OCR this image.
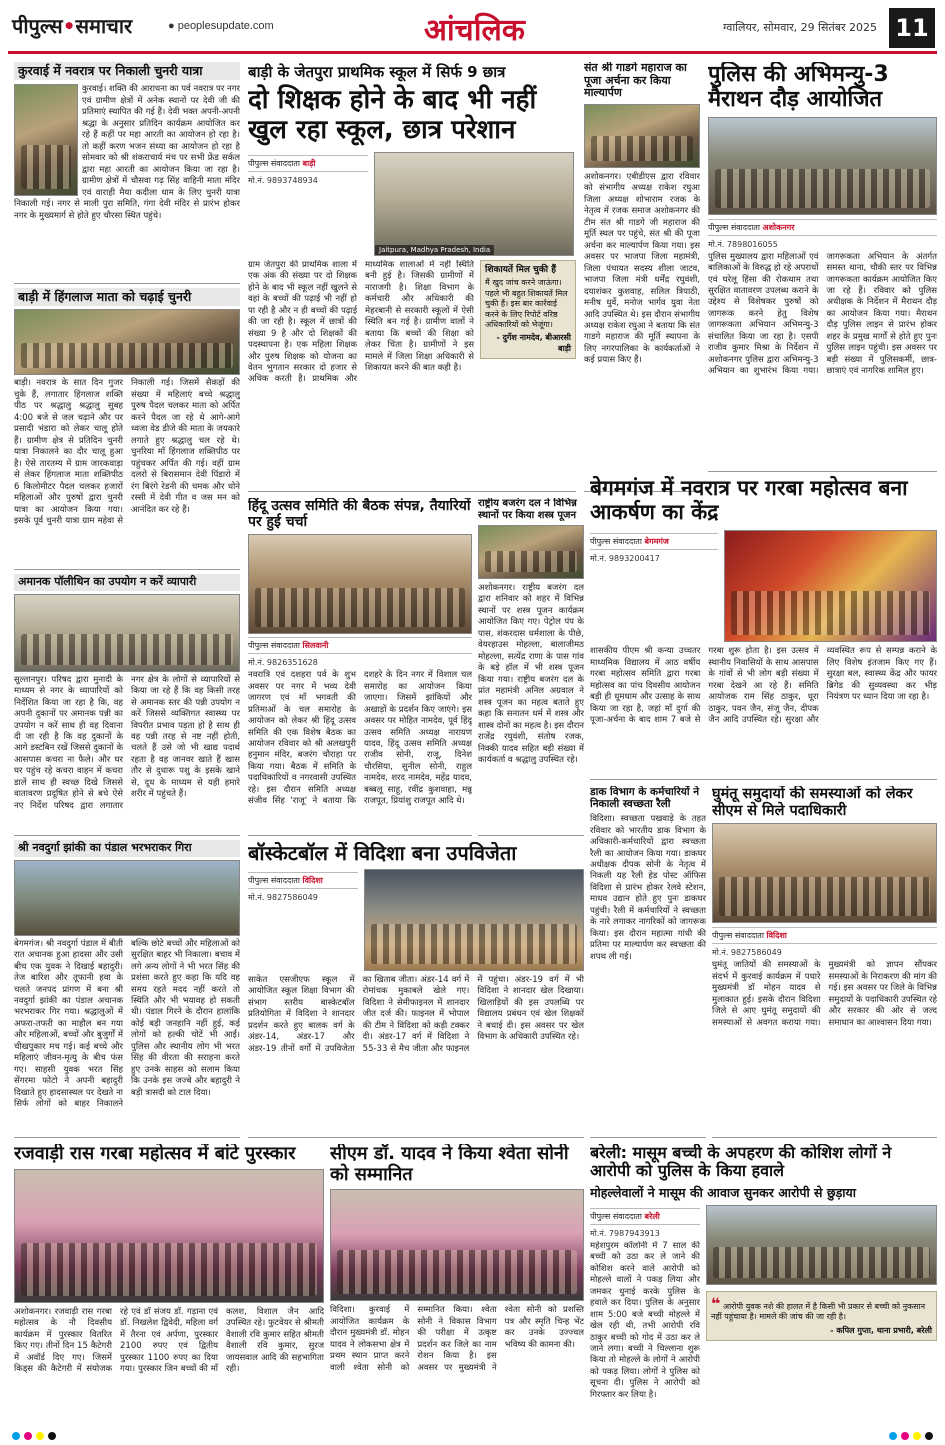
पीपुल्स•समाचार	● peoplesupdate.com	आंचलिक	ग्वालियर, सोमवार, 29 सितंबर 2025 11
कुरवाई में नवरात्र पर निकाली चुनरी यात्रा

कुरवाई। शक्ति की आराधना का पर्व नवरात्र पर नगर एवं ग्रामीण क्षेत्रों में अनेक स्थानों पर देवी जी की प्रतिमाएं स्थापित की गई हैं। देवी भक्त अपनी-अपनी श्रद्धा के अनुसार प्रतिदिन कार्यक्रम आयोजित कर रहे हैं कहीं पर महा आरती का आयोजन हो रहा है। तो कहीं करण भजन संध्या का आयोजन हो रहा है सोमवार को श्री शंकराचार्य मंच पर सभी फ्रेंड सर्कल द्वारा महा आरती का आयोजन किया जा रहा है। ग्रामीण क्षेत्रों में चौसवा गढ़ सिंह वाहिनी माता मंदिर एवं वाराही मैया कदीला धाम के लिए चुनरी यात्रा निकाली गई। नगर से माली पुरा समिति, गंगा देवी मंदिर से प्रारंभ होकर नगर के मुख्यमार्ग से होते हुए चौरसा स्थित पहुंचे।

बाड़ी में हिंगलाज माता को चढ़ाई चुनरी

बाड़ी। नवरात्र के सात दिन गुजर चुके हैं, लगातार हिंगलाज शक्ति पीठ पर श्रद्धालु श्रद्धालु सुबह 4:00 बजे से जल चढ़ाने और पर प्रसादी भंडारा को लेकर चालू होते हैं। ग्रामीण क्षेत्र से प्रतिदिन चुनरी यात्रा निकालने का दौर चालू हुआ है। ऐसे तारतम्य में ग्राम जारकवाड़ा से लेकर हिंगलाज माता शक्तिपीठ 6 किलोमीटर पैदल चलकर हजारों महिलाओं और पुरुषों द्वारा चुनरी यात्रा का आयोजन किया गया। इसके पूर्व चुनरी यात्रा ग्राम महेवा से निकाली गई। जिसमें सैकड़ों की संख्या में महिलाएं बच्चे श्रद्धालु पुरुष पैदल चलकर माता को अर्पित करने पैदल जा रहे थे आगे-आगे ध्वजा वेड डीजे की माता के जयकारे लगाते हुए श्रद्धालु चल रहे थे। चुनरिया माँ हिंगलाज शक्तिपीठ पर पहुंचकर अर्पित की गई। वहीं ग्राम दलरो से बिरासमान देवी पिंडारो में रंग बिरंगे रेडनी की चमक और धोने रस्सी में देवी गीत व जस मन को आनंदित कर रहे हैं।

अमानक पॉलीथिन का उपयोग न करें व्यापारी

सुल्तानपुर। परिषद द्वारा मुनादी के माध्यम से नगर के व्यापारियों को निर्देशित किया जा रहा है कि, वह अपनी दुकानों पर अमानक पन्नी का उपयोग न करें साथ ही वह दिवाना दी जा रही है कि वह दुकानों के आगे डस्टबिन रखें जिससे दुकानों के आसपास कचरा ना फैले। और घर घर पहुंच रहे कचरा वाहन में कचरा डालें साथ ही स्वच्छ दिखे जिससे वातावरण प्रदूषित होने से बचे ऐसे नए निर्देश परिषद द्वारा लगातार नगर क्षेत्र के लोगों से व्यापारियों से किया जा रहे हैं कि वह किसी तरह से अमानक स्तर की पन्नी उपयोग न करें जिससे व्यक्तिगत स्वास्थ्य पर विपरीत प्रभाव पड़ता हो है साथ ही वह पन्नी तरह से नष्ट नहीं होती, चलते हैं उसे जो भी खाद्य पदार्थ रहता है वह जानवर खाते हैं खास तौर से दुधारू पशु के इसके खाने से, दूध के माध्यम से यही हमारे शरीर में पहुंचते हैं।

श्री नवदुर्गा झांकी का पंडाल भरभराकर गिरा

बेगमगंज। श्री नवदुर्गा पंडाल में बीती रात अचानक हुआ हादसा और उसी बीच एक युवक ने दिखाई बहादुरी। तेज बारिश और तूफानी हवा के चलते जनपद प्रांगण में बना श्री नवदुर्गा झांकी का पंडाल अचानक भरभराकर गिर गया। श्रद्धालुओं में अफरा-तफरी का माहौल बन गया और महिलाओं, बच्चों और बुजुर्गों में चीखपुकार मच गई। कई बच्चे और महिलाएं जीवन-मृत्यु के बीच फंस गए। साहसी युवक भरत सिंह सेंगरमा फोटो ने अपनी बहादुरी दिखाते हुए हादसास्थल पर देखते ना सिर्फ लोगों को बाहर निकालने बल्कि छोटे बच्चों और महिलाओं को सुरक्षित बाहर भी निकाला। बचाव में लगे अन्य लोगों ने भी भरत सिंह की प्रशंसा करते हुए कहा कि यदि वह समय रहते मदद नहीं करते तो स्थिति और भी भयावह हो सकती थी। पंडाल गिरने के दौरान हालांकि कोई बड़ी जनहानि नहीं हुई, कई लोगों को हल्की चोटें भी आईं। पुलिस और स्थानीय लोग भी भरत सिंह की वीरता की सराहना करते हुए उनके साहस को सलाम किया कि उनके इस जज्बे और बहादुरी ने बड़ी त्रासदी को टाल दिया।

बाड़ी के जेतपुरा प्राथमिक स्कूल में सिर्फ 9 छात्र
दो शिक्षक होने के बाद भी नहीं खुल रहा स्कूल, छात्र परेशान
पीपुल्स संवाददाता बाड़ी
मो.नं. 9893748934
Jaitpura, Madhya Pradesh, India

ग्राम जेतपुरा की प्राथमिक शाला में एक अंक की संख्या पर दो शिक्षक होने के बाद भी स्कूल नहीं खुलने से वहां के बच्चों की पढ़ाई भी नहीं हो पा रही है और न ही बच्चों की पढ़ाई की जा रही है। स्कूल में छात्रों की संख्या 9 है और दो शिक्षकों की पदस्थापना है। एक महिला शिक्षक और पुरुष शिक्षक को योजना का वेतन भुगतान सरकार दो हजार से अधिक करती है। प्राथमिक और माध्यमिक शालाओं में नहीं स्थिति बनी हुई है। जिसकी ग्रामीणों में नाराजगी है। शिक्षा विभाग के कर्मचारी और अधिकारी की मेहरबानी से सरकारी स्कूलों में ऐसी स्थिति बन गई है। ग्रामीण वालों ने बताया कि बच्चों की शिक्षा को लेकर चिंता है। ग्रामीणों ने इस मामले में जिला शिक्षा अधिकारी से शिकायत करने की बात कही है।

शिकायतें मिल चुकी हैं
मैं खुद जांच करने जाऊंगा। पहले भी बहुत शिकायतें मिल चुकी हैं। इस बार कार्रवाई करने के लिए रिपोर्ट वरिष्ठ अधिकारियों को भेजूंगा।
- दुर्गेश नामदेव, बीआरसी बाड़ी
संत श्री गाडगे महाराज का पूजा अर्चना कर किया माल्यार्पण

अशोकनगर। एबीडीएस द्वारा रविवार को संभागीय अध्यक्ष राकेश रघुआ जिला अध्यक्ष शोभाराम रजक के नेतृत्व में रजक समाज अशोकनगर की टीम संत श्री गाडगे जी महाराज की मूर्ति स्थल पर पहुंचे, संत श्री की पूजा अर्चना कर माल्यार्पण किया गया। इस अवसर पर भाजपा जिला महामंत्री, जिला पंचायत सदस्य शीला जाटव, भाजपा जिला मंत्री धर्मेंद्र रघुवंशी, दयाशंकर कुशवाह, सलिल त्रिपाठी, मनीष धुर्वे, मनोज भार्गव युवा नेता आदि उपस्थित थे। इस दौरान संभागीय अध्यक्ष राकेश रघुआ ने बताया कि संत गाडगे महाराज की मूर्ति स्थापना के लिए नगरपालिका के कार्यकर्ताओं ने कई प्रयास किए हैं।

पुलिस की अभिमन्यु-3 मैराथन दौड़ आयोजित
पीपुल्स संवाददाता अशोकनगर
मो.नं. 7898016055

पुलिस मुख्यालय द्वारा महिलाओं एवं बालिकाओं के विरुद्ध हो रहे अपराधों एवं घरेलू हिंसा की रोकथाम तथा सुरक्षित वातावरण उपलब्ध कराने के उद्देश्य से विशेषकर पुरुषों को जागरूक करने हेतु विशेष जागरूकता अभियान अभिमन्यु-3 संचालित किया जा रहा है। एसपी राजीव कुमार मिश्रा के निर्देशन में अशोकनगर पुलिस द्वारा अभिमन्यु-3 अभियान का शुभारंभ किया गया। जागरूकता अभियान के अंतर्गत समस्त थाना, चौकी स्तर पर विभिन्न जागरूकता कार्यक्रम आयोजित किए जा रहे हैं। रविवार को पुलिस अधीक्षक के निर्देशन में मैराथन दौड़ का आयोजन किया गया। मैराथन दौड़ पुलिस लाइन से प्रारंभ होकर शहर के प्रमुख मार्गों से होते हुए पुनः पुलिस लाइन पहुंची। इस अवसर पर बड़ी संख्या में पुलिसकर्मी, छात्र-छात्राएं एवं नागरिक शामिल हुए।

हिंदू उत्सव समिति की बैठक संपन्न, तैयारियों पर हुई चर्चा
पीपुल्स संवाददाता सिलवानी
मो.नं. 9826351628

नवरात्रि एवं दशहरा पर्व के शुभ अवसर पर नगर में भव्य देवी जागरण एवं माँ भगवती की प्रतिमाओं के चल समारोह के आयोजन को लेकर श्री हिंदू उत्सव समिति की एक विशेष बैठक का आयोजन रविवार को श्री अलखपुरी हनुमान मंदिर, बजरंग चौराहा पर किया गया। बैठक में समिति के पदाधिकारियों व नगरवासी उपस्थित रहे। इस दौरान समिति अध्यक्ष संजीव सिंह 'राजू' ने बताया कि दशहरे के दिन नगर में विशाल चल समारोह का आयोजन किया जाएगा। जिसमें झांकियों और अखाड़ों के प्रदर्शन किए जाएंगे। इस अवसर पर मोहित नामदेव, पूर्व हिंदू उत्सव समिति अध्यक्ष नारायण यादव, हिंदू उत्सव समिति अध्यक्ष राजीव सोनी, राजू, दिनेश चौरसिया, सुनील सोनी, राहुल नामदेव, शरद नामदेव, महेंद्र यादव, बब्बलू साहू, रवींद्र कुशवाहा, मन्नू राजपूत, प्रियांशु राजपूत आदि थे।

राष्ट्रीय बजरंग दल ने विभिन्न स्थानों पर किया शस्त्र पूजन

अशोकनगर। राष्ट्रीय बजरंग दल द्वारा शनिवार को शहर में विभिन्न स्थानों पर शस्त्र पूजन कार्यक्रम आयोजित किए गए। पेट्रोल पंप के पास, शंकरदास धर्मशाला के पीछे, वेयरहाउस मोहल्ला, बालाजीमठ मोहल्ला, सत्येंद्र राणा के पास गांव के बड़े हॉल में भी शस्त्र पूजन किया गया। राष्ट्रीय बजरंग दल के प्रांत महामंत्री अनिल अग्रवाल ने शस्त्र पूजन का महत्व बताते हुए कहा कि सनातन धर्म में शस्त्र और शास्त्र दोनों का महत्व है। इस दौरान राजेंद्र रघुवंशी, संतोष रजक, निक्की यादव सहित बड़ी संख्या में कार्यकर्ता व श्रद्धालु उपस्थित रहे।

बेगमगंज में नवरात्र पर गरबा महोत्सव बना आकर्षण का केंद्र
पीपुल्स संवाददाता बेगमगंज
मो.नं. 9893200417

शासकीय पीएम श्री कन्या उच्चतर माध्यमिक विद्यालय में आठ वर्षीय गरबा महोत्सव समिति द्वारा गरबा महोत्सव का पांच दिवसीय आयोजन बड़ी ही धूमधाम और उत्साह के साथ किया जा रहा है, जहां माँ दुर्गा की पूजा-अर्चना के बाद शाम 7 बजे से गरबा शुरू होता है। इस उत्सव में स्थानीय निवासियों के साथ आसपास के गांवों से भी लोग बड़ी संख्या में गरबा देखने आ रहे हैं। समिति आयोजक राम सिंह ठाकुर, धूरा ठाकुर, पवन जैन, संजू जैन, दीपक जैन आदि उपस्थित रहे। सुरक्षा और व्यवस्थित रूप से सम्पन्न कराने के लिए विशेष इंतजाम किए गए हैं। सुरक्षा बल, स्वास्थ्य केंद्र और फायर ब्रिगेड की सुव्यवस्था कर भीड़ नियंत्रण पर ध्यान दिया जा रहा है।

बॉस्केटबॉल में विदिशा बना उपविजेता
पीपुल्स संवाददाता विदिशा
मो.नं. 9827586049

साकेत एसजीएफ स्कूल में आयोजित स्कूल शिक्षा विभाग की संभाग स्तरीय बास्केटबॉल प्रतियोगिता में विदिशा ने शानदार प्रदर्शन करते हुए बालक वर्ग के अंडर-14, अंडर-17 और अंडर-19 तीनों वर्गों में उपविजेता का खिताब जीता। अंडर-14 वर्ग में रोमांचक मुकाबले खेले गए। विदिशा ने सेमीफाइनल में शानदार जीत दर्ज की। फाइनल में भोपाल की टीम ने विदिशा को कड़ी टक्कर दी। अंडर-17 वर्ग में विदिशा ने 55-33 से मैच जीता और फाइनल में पहुंचा। अंडर-19 वर्ग में भी विदिशा ने शानदार खेल दिखाया। खिलाड़ियों की इस उपलब्धि पर विद्यालय प्रबंधन एवं खेल शिक्षकों ने बधाई दी। इस अवसर पर खेल विभाग के अधिकारी उपस्थित रहे।

डाक विभाग के कर्मचारियों ने निकाली स्वच्छता रैली

विदिशा। स्वच्छता पखवाड़े के तहत रविवार को भारतीय डाक विभाग के अधिकारी-कर्मचारियों द्वारा स्वच्छता रैली का आयोजन किया गया। डाकघर अधीक्षक दीपक सोनी के नेतृत्व में निकली यह रैली हेड पोस्ट ऑफिस विदिशा से प्रारंभ होकर रेलवे स्टेशन, माधव उद्यान होते हुए पुनः डाकघर पहुंची। रैली में कर्मचारियों ने स्वच्छता के नारे लगाकर नागरिकों को जागरूक किया। इस दौरान महात्मा गांधी की प्रतिमा पर माल्यार्पण कर स्वच्छता की शपथ ली गई।

घुमंतू समुदायों की समस्याओं को लेकर सीएम से मिले पदाधिकारी
पीपुल्स संवाददाता विदिशा
मो.नं. 9827586049

घुमंतू जातियों की समस्याओं के संदर्भ में कुरवाई कार्यक्रम में पधारे मुख्यमंत्री डॉ मोहन यादव से मुलाकात हुई। इसके दौरान विदिशा जिले से आए घुमंतू समुदायों की समस्याओं से अवगत कराया गया। मुख्यमंत्री को ज्ञापन सौंपकर समस्याओं के निराकरण की मांग की गई। इस अवसर पर जिले के विभिन्न समुदायों के पदाधिकारी उपस्थित रहे और सरकार की ओर से जल्द समाधान का आश्वासन दिया गया।

रजवाड़ी रास गरबा महोत्सव में बांटे पुरस्कार

अशोकनगर। रजवाड़ी रास गरबा महोत्सव के नौ दिवसीय कार्यक्रम में पुरस्कार वितरित किए गए। तीनों दिन 15 कैटेगरी में अवॉर्ड दिए गए। जिसमें किड्स की कैटेगरी में संयोजक रहे एवं डॉ संजय डॉ. गड़ाना एवं डॉ. निखलेश द्विवेदी, महिला वर्ग में तैरना एवं अर्पणा, पुरस्कार 2100 रुपए एवं द्वितीय पुरस्कार 1100 रुपए का दिया गया। पुरस्कार जिन बच्चों की माँ कलश, विशाल जैन आदि उपस्थित रहे। फुटवेयर से श्रीमती वैशाली रवि कुमार सहित श्रीमती वैशाली रवि कुमार, सुरज जायसवाल आदि की सहभागिता रही।

सीएम डॉ. यादव ने किया श्वेता सोनी को सम्मानित

विदिशा। कुरवाई में आयोजित कार्यक्रम के दौरान मुख्यमंत्री डॉ. मोहन यादव ने लोकसभा क्षेत्र में प्रथम स्थान प्राप्त करने वाली श्वेता सोनी को सम्मानित किया। श्वेता सोनी ने विकास विभाग की परीक्षा में उत्कृष्ट प्रदर्शन कर जिले का नाम रोशन किया है। इस अवसर पर मुख्यमंत्री ने श्वेता सोनी को प्रशस्ति पत्र और स्मृति चिन्ह भेंट कर उनके उज्ज्वल भविष्य की कामना की।

बरेली: मासूम बच्ची के अपहरण की कोशिश लोगों ने आरोपी को पुलिस के किया हवाले
मोहल्लेवालों ने मासूम की आवाज सुनकर आरोपी से छुड़ाया
पीपुल्स संवाददाता बरेली
मो.नं. 7987943913

महेशपुरम कॉलोनी में 7 साल की बच्ची को उठा कर ले जाने की कोशिश करने वाले आरोपी को मोहल्ले वालों ने पकड़ लिया और जमकर धुनाई करके पुलिस के हवाले कर दिया। पुलिस के अनुसार शाम 5:00 बजे बच्ची मोहल्ले में खेल रही थी, तभी आरोपी रवि ठाकुर बच्ची को गोद में उठा कर ले जाने लगा। बच्ची ने चिल्लाना शुरू किया तो मोहल्ले के लोगों ने आरोपी को पकड़ लिया। लोगों ने पुलिस को सूचना दी। पुलिस ने आरोपी को गिरफ्तार कर लिया है।

❝ आरोपी युवक नशे की हालत में है किसी भी प्रकार से बच्ची को नुकसान नहीं पहुंचाया है। मामले की जांच की जा रही है।
- कपिल गुप्ता, थाना प्रभारी, बरेली
